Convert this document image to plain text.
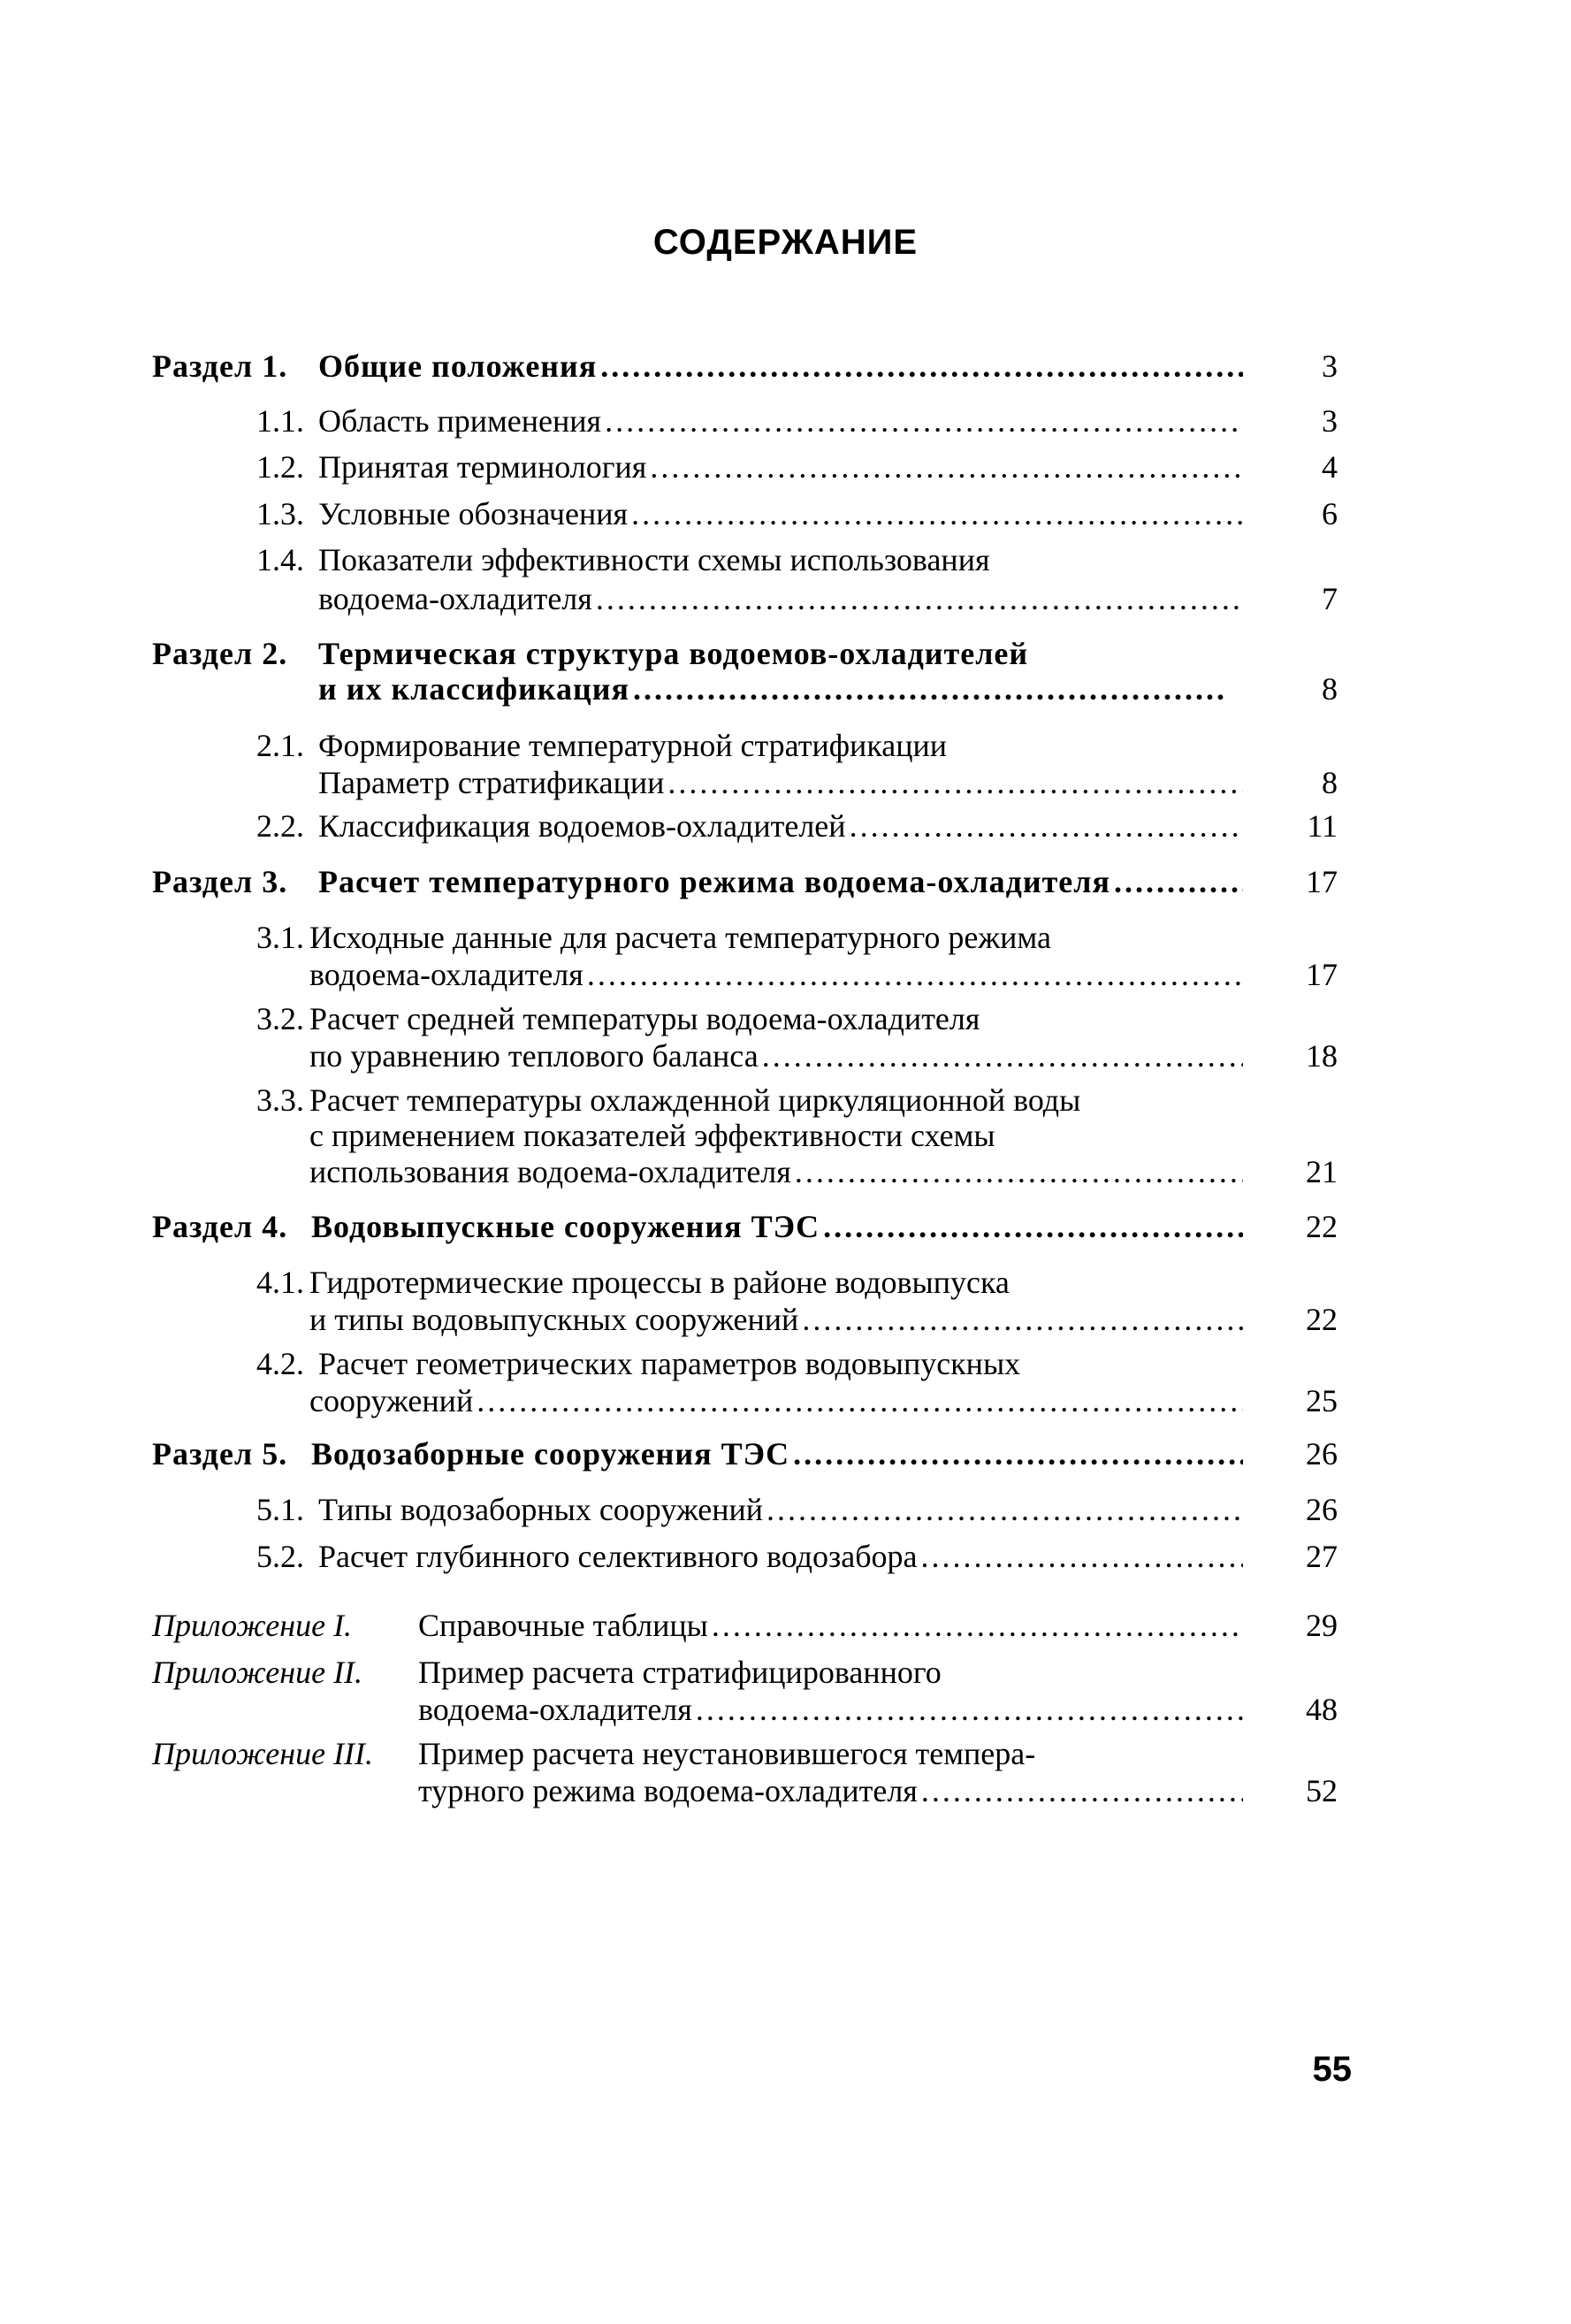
СОДЕРЖАНИЕ
Раздел 1. Общие положения .....	3
1.1. Область применения .....	3
1.2. Принятая терминология .....	4
1.3. Условные обозначения .....	6
1.4. Показатели эффективности схемы использования
водоема-охладителя .....	7
Раздел 2. Термическая структура водоемов-охладителей
и их классификация .....	8
2.1. Формирование температурной стратификации
Параметр стратификации .....	8
2.2. Классификация водоемов-охладителей .....	11
Раздел 3. Расчет температурного режима водоема-охладителя .....	17
3.1. Исходные данные для расчета температурного режима
водоема-охладителя .....	17
3.2. Расчет средней температуры водоема-охладителя
по уравнению теплового баланса .....	18
3.3. Расчет температуры охлажденной циркуляционной воды
с применением показателей эффективности схемы
использования водоема-охладителя .....	21
Раздел 4. Водовыпускные сооружения ТЭС .....	22
4.1. Гидротермические процессы в районе водовыпуска
и типы водовыпускных сооружений .....	22
4.2. Расчет геометрических параметров водовыпускных
сооружений .....	25
Раздел 5. Водозаборные сооружения ТЭС .....	26
5.1. Типы водозаборных сооружений .....	26
5.2. Расчет глубинного селективного водозабора .....	27
Приложение I. Справочные таблицы .....	29
Приложение II. Пример расчета стратифицированного
водоема-охладителя .....	48
Приложение III. Пример расчета неустановившегося темпера-
турного режима водоема-охладителя .....	52
55
